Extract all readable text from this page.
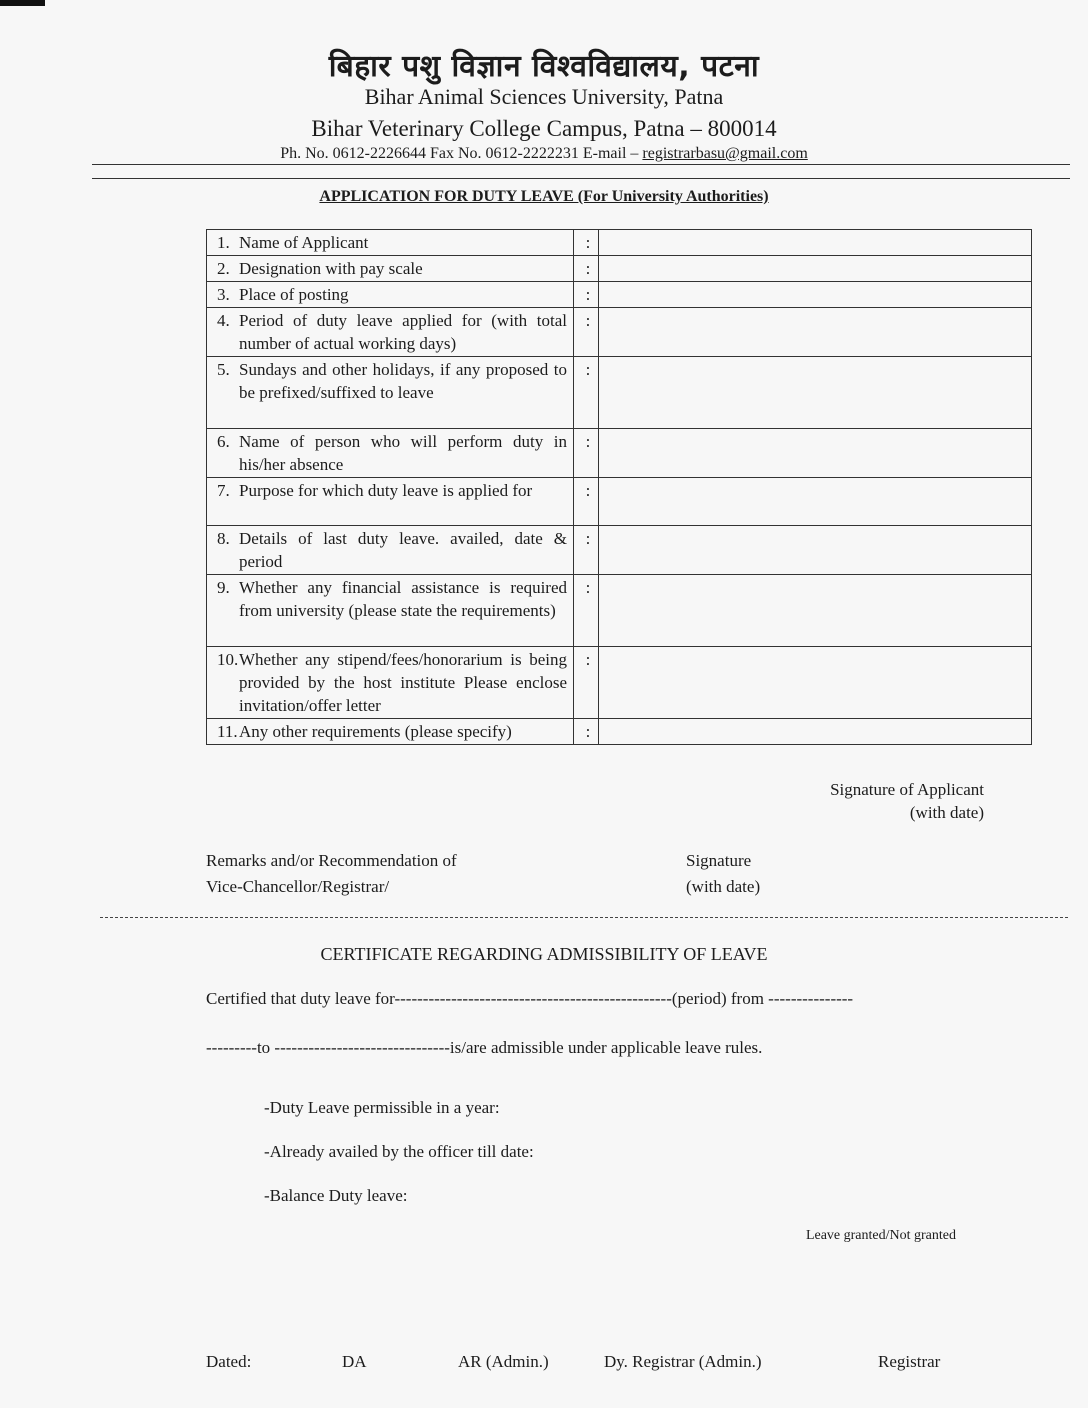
बिहार पशु विज्ञान विश्वविद्यालय, पटना
Bihar Animal Sciences University, Patna
Bihar Veterinary College Campus, Patna – 800014
Ph. No. 0612-2226644 Fax No. 0612-2222231 E-mail – registrarbasu@gmail.com
APPLICATION FOR DUTY LEAVE (For University Authorities)
1. Name of Applicant	:	

2. Designation with pay scale	:	

3. Place of posting	:	

4. Period of duty leave applied for (with total number of actual working days)	:	

5. Sundays and other holidays, if any proposed to be prefixed/suffixed to leave	:	

6. Name of person who will perform duty in his/her absence	:	

7. Purpose for which duty leave is applied for	:	

8. Details of last duty leave. availed, date & period	:	

9. Whether any financial assistance is required from university (please state the requirements)	:	

10. Whether any stipend/fees/honorarium is being provided by the host institute Please enclose invitation/offer letter	:	

11. Any other requirements (please specify)	:	
Signature of Applicant
(with date)
Remarks and/or Recommendation of
Vice-Chancellor/Registrar/
Signature
(with date)
CERTIFICATE REGARDING ADMISSIBILITY OF LEAVE
Certified that duty leave for-------------------------------------------------(period) from ---------------
---------to -------------------------------is/are admissible under applicable leave rules.
-Duty Leave permissible in a year:
-Already availed by the officer till date:
-Balance Duty leave:
Leave granted/Not granted
Dated:	DA	AR (Admin.)	Dy. Registrar (Admin.)	Registrar
